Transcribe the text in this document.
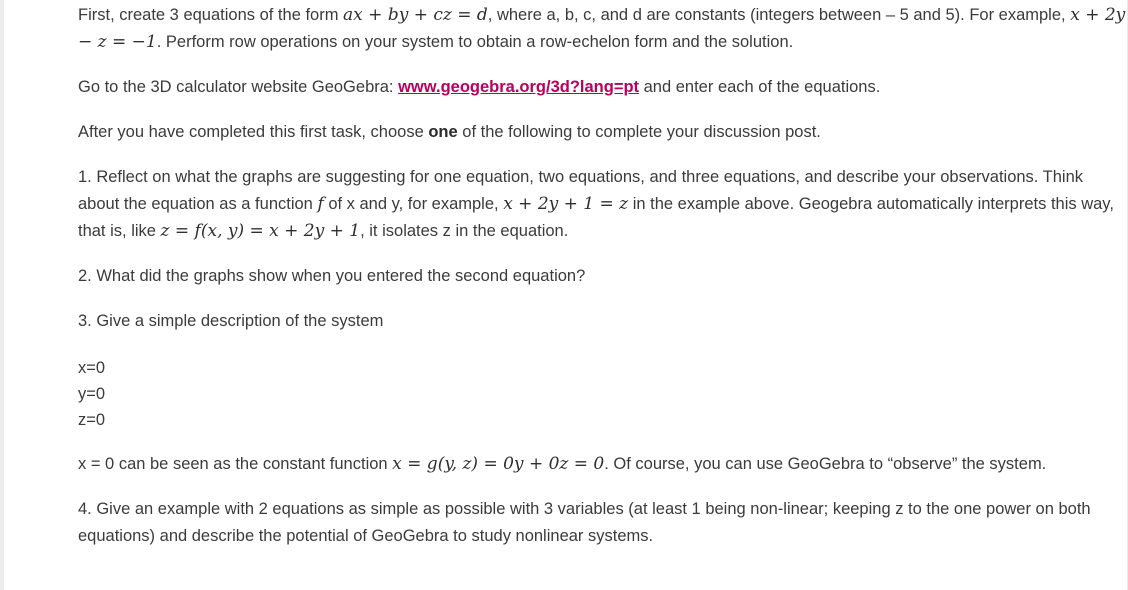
First, create 3 equations of the form ax + by + cz = d, where a, b, c, and d are constants (integers between – 5 and 5). For example, x + 2y − z = −1. Perform row operations on your system to obtain a row-echelon form and the solution.

Go to the 3D calculator website GeoGebra: www.geogebra.org/3d?lang=pt and enter each of the equations.

After you have completed this first task, choose one of the following to complete your discussion post.

1. Reflect on what the graphs are suggesting for one equation, two equations, and three equations, and describe your observations. Think about the equation as a function f of x and y, for example, x + 2y + 1 = z in the example above. Geogebra automatically interprets this way, that is, like z = f(x, y) = x + 2y + 1, it isolates z in the equation.

2. What did the graphs show when you entered the second equation?

3. Give a simple description of the system

x=0

y=0

z=0

x = 0 can be seen as the constant function x = g(y, z) = 0y + 0z = 0. Of course, you can use GeoGebra to “observe” the system.

4. Give an example with 2 equations as simple as possible with 3 variables (at least 1 being non-linear; keeping z to the one power on both equations) and describe the potential of GeoGebra to study nonlinear systems.
